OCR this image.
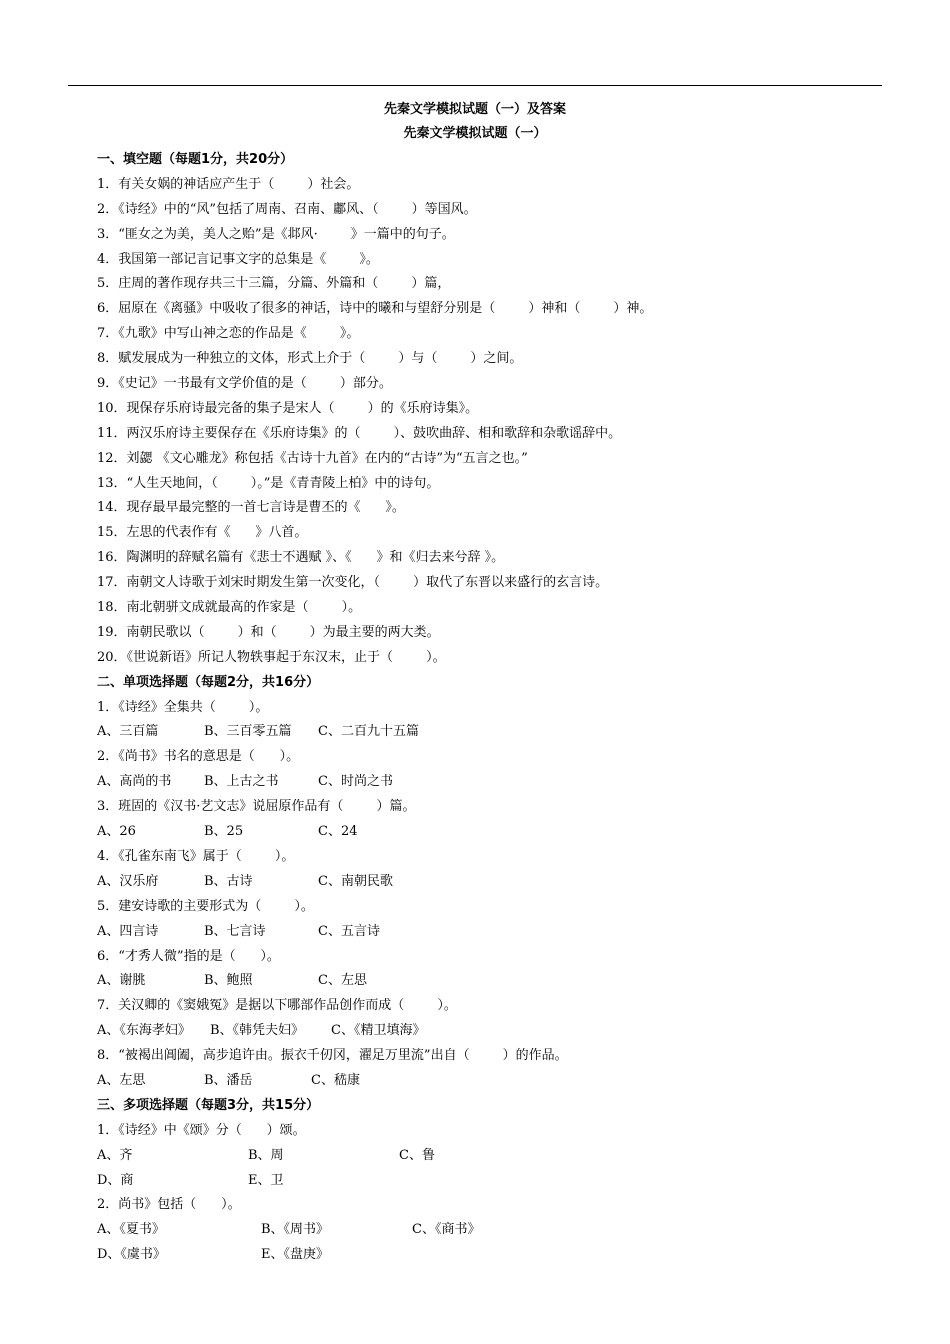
先秦文学模拟试题（一）及答案
先秦文学模拟试题（一）
一、填空题（每题1分，共20分）
1．有关女娲的神话应产生于（        ）社会。
2．《诗经》中的“风”包括了周南、召南、鄘风、（        ）等国风。
3．“匪女之为美，美人之贻”是《邶风·        》一篇中的句子。
4．我国第一部记言记事文字的总集是《        》。
5．庄周的著作现存共三十三篇，分篇、外篇和（        ）篇，
6．屈原在《离骚》中吸收了很多的神话，诗中的曦和与望舒分别是（        ）神和（        ）神。
7．《九歌》中写山神之恋的作品是《        》。
8．赋发展成为一种独立的文体，形式上介于（        ）与（        ）之间。
9．《史记》一书最有文学价值的是（        ）部分。
10．现保存乐府诗最完备的集子是宋人（        ）的《乐府诗集》。
11．两汉乐府诗主要保存在《乐府诗集》的（        ）、鼓吹曲辞、相和歌辞和杂歌谣辞中。
12．刘勰 《文心雕龙》称包括《古诗十九首》在内的“古诗”为“五言之也。”
13．“人生天地间，（        ）。”是《青青陵上柏》中的诗句。
14．现存最早最完整的一首七言诗是曹丕的《      》。
15．左思的代表作有《      》八首。
16．陶渊明的辞赋名篇有《悲士不遇赋 》、《      》和《归去来兮辞 》。
17．南朝文人诗歌于刘宋时期发生第一次变化，（        ）取代了东晋以来盛行的玄言诗。
18．南北朝骈文成就最高的作家是（        ）。
19．南朝民歌以（        ）和（        ）为最主要的两大类。
20．《世说新语》所记人物轶事起于东汉末，止于（        ）。
二、单项选择题（每题2分，共16分）
1．《诗经》全集共（        ）。

A、三百篇

	B、三百零五篇

C、二百九十五篇

2．《尚书》书名的意思是（      ）。

A、高尚的书

	B、上古之书

	C、时尚之书

3．班固的《汉书·艺文志》说屈原作品有（        ）篇。

A、26

	B、25

	C、24

4．《孔雀东南飞》属于（        ）。

A、汉乐府

	B、古诗

	C、南朝民歌

5．建安诗歌的主要形式为（        ）。

A、四言诗

	B、七言诗

	C、五言诗

6．“才秀人微”指的是（      ）。

A、谢朓

	B、鲍照

	C、左思

7．关汉卿的《窦娥冤》是据以下哪部作品创作而成（        ）。

A、《东海孝妇》

B、《韩凭夫妇》

C、《精卫填海》

8．“被褐出阊阖，高步追许由。振衣千仞冈，濯足万里流”出自（        ）的作品。

A、左思

	B、潘岳

	C、嵇康

三、多项选择题（每题3分，共15分）
1．《诗经》中《颂》分（      ）颂。

A、齐

	B、周

	C、鲁

D、商

	E、卫

2．尚书》包括（      ）。

A、《夏书》

	B、《周书》

	C、《商书》

D、《虞书》

	E、《盘庚》
